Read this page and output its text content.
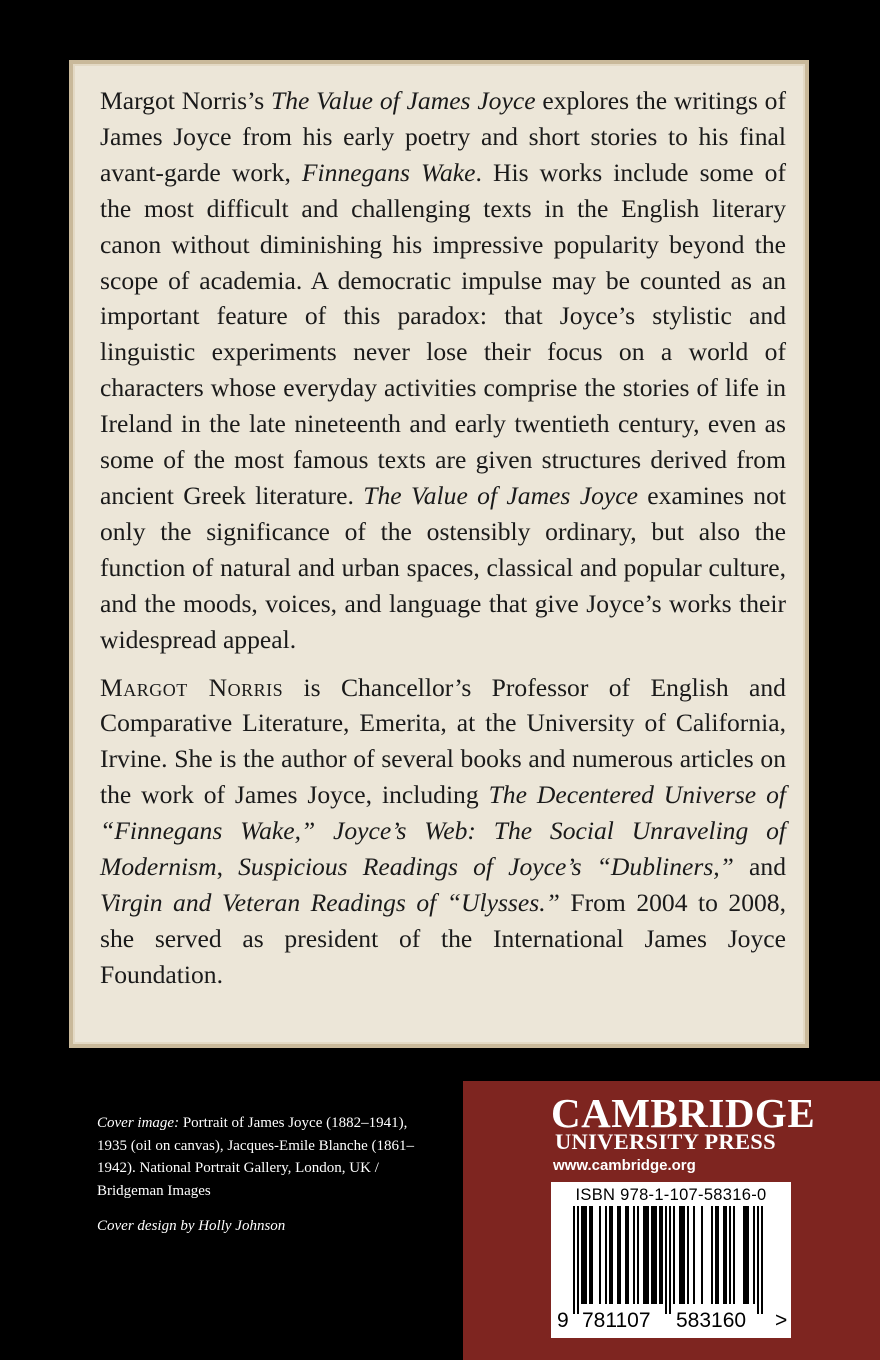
Margot Norris’s The Value of James Joyce explores the writings of James Joyce from his early poetry and short stories to his final avant-garde work, Finnegans Wake. His works include some of the most difficult and challenging texts in the English literary canon without diminishing his impressive popularity beyond the scope of academia. A democratic impulse may be counted as an important feature of this paradox: that Joyce’s stylistic and linguistic experiments never lose their focus on a world of characters whose everyday activities comprise the stories of life in Ireland in the late nineteenth and early twentieth century, even as some of the most famous texts are given structures derived from ancient Greek literature. The Value of James Joyce examines not only the significance of the ostensibly ordinary, but also the function of natural and urban spaces, classical and popular culture, and the moods, voices, and language that give Joyce’s works their widespread appeal.

Margot Norris is Chancellor’s Professor of English and Comparative Literature, Emerita, at the University of California, Irvine. She is the author of several books and numerous articles on the work of James Joyce, including The Decentered Universe of “Finnegans Wake,” Joyce’s Web: The Social Unraveling of Modernism, Suspicious Readings of Joyce’s “Dubliners,” and Virgin and Veteran Readings of “Ulysses.” From 2004 to 2008, she served as president of the International James Joyce Foundation.

Cover image: Portrait of James Joyce (1882–1941), 1935 (oil on canvas), Jacques-Emile Blanche (1861–1942). National Portrait Gallery, London, UK / Bridgeman Images

Cover design by Holly Johnson

CAMBRIDGE
UNIVERSITY PRESS
www.cambridge.org
ISBN 978-1-107-58316-0
9 781107 583160 >
